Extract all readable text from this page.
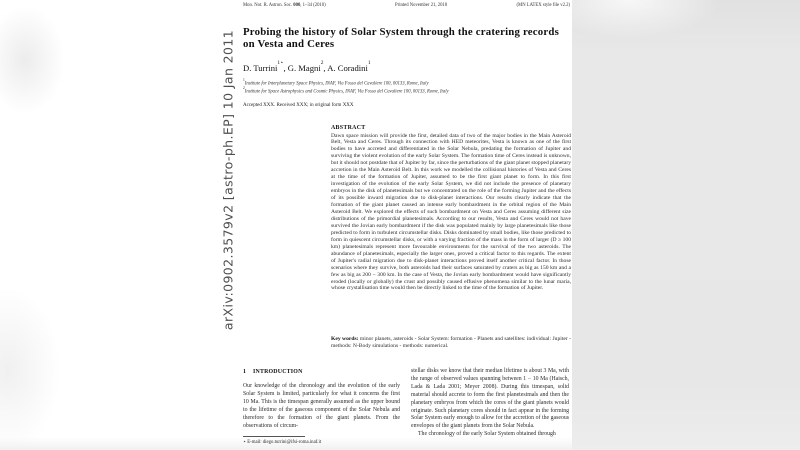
arXiv:0902.3579v2 [astro-ph.EP] 10 Jan 2011
Mon. Not. R. Astron. Soc. 000, 1–34 (2010)	Printed November 21, 2018	(MN LATEX style file v2.2)
Probing the history of Solar System through the cratering records on Vesta and Ceres
D. Turrini$^{1⋆}$, G. Magni$^2$, A. Coradini$^1$
$^1$Institute for Interplanetary Space Physics, INAF, Via Fosso del Cavaliere 100, 00133, Rome, Italy
$^2$Institute for Space Astrophysics and Cosmic Physics, INAF, Via Fosso del Cavaliere 100, 00133, Rome, Italy
Accepted XXX. Received XXX; in original form XXX
ABSTRACT

Dawn space mission will provide the first, detailed data of two of the major bodies in the Main Asteroid Belt, Vesta and Ceres. Through its connection with HED meteorites, Vesta is known as one of the first bodies to have accreted and differentiated in the Solar Nebula, predating the formation of Jupiter and surviving the violent evolution of the early Solar System. The formation time of Ceres instead is unknown, but it should not postdate that of Jupiter by far, since the perturbations of the giant planet stopped planetary accretion in the Main Asteroid Belt. In this work we modelled the collisional histories of Vesta and Ceres at the time of the formation of Jupiter, assumed to be the first giant planet to form. In this first investigation of the evolution of the early Solar System, we did not include the presence of planetary embryos in the disk of planetesimals but we concentrated on the role of the forming Jupiter and the effects of its possible inward migration due to disk-planet interactions. Our results clearly indicate that the formation of the giant planet caused an intense early bombardment in the orbital region of the Main Asteroid Belt. We explored the effects of such bombardment on Vesta and Ceres assuming different size distributions of the primordial planetesimals. According to our results, Vesta and Ceres would not have survived the Jovian early bombardment if the disk was populated mainly by large planetesimals like those predicted to form in turbulent circumstellar disks. Disks dominated by small bodies, like those predicted to form in quiescent circumstellar disks, or with a varying fraction of the mass in the form of larger (D ≥ 100 km) planetesimals represent more favourable environments for the survival of the two asteroids. The abundance of planetesimals, especially the larger ones, proved a critical factor to this regards. The extent of Jupiter's radial migration due to disk-planet interactions proved itself another critical factor. In those scenarios where they survive, both asteroids had their surfaces saturated by craters as big as 150 km and a few as big as 200 − 300 km. In the case of Vesta, the Jovian early bombardment would have significantly eroded (locally or globally) the crust and possibly caused effusive phenomena similar to the lunar maria, whose crystallisation time would then be directly linked to the time of the formation of Jupiter.

Key words: minor planets, asteroids - Solar System: formation - Planets and satellites: individual: Jupiter - methods: N-Body simulations - methods: numerical.

1 INTRODUCTION

Our knowledge of the chronology and the evolution of the early Solar System is limited, particularly for what it concerns the first 10 Ma. This is the timespan generally assumed as the upper bound to the lifetime of the gaseous component of the Solar Nebula and therefore to the formation of the giant planets. From the observations of circum-

stellar disks we know that their median lifetime is about 3 Ma, with the range of observed values spanning between 1 − 10 Ma (Haisch, Lada & Lada 2001; Meyer 2008). During this timespan, solid material should accrete to form the first planetesimals and then the planetary embryos from which the cores of the giant planets would originate. Such planetary cores should in fact appear in the forming Solar System early enough to allow for the accretion of the gaseous envelopes of the giant planets from the Solar Nebula.

The chronology of the early Solar System obtained through

⋆ E-mail: diego.turrini@ifsi-roma.inaf.it
